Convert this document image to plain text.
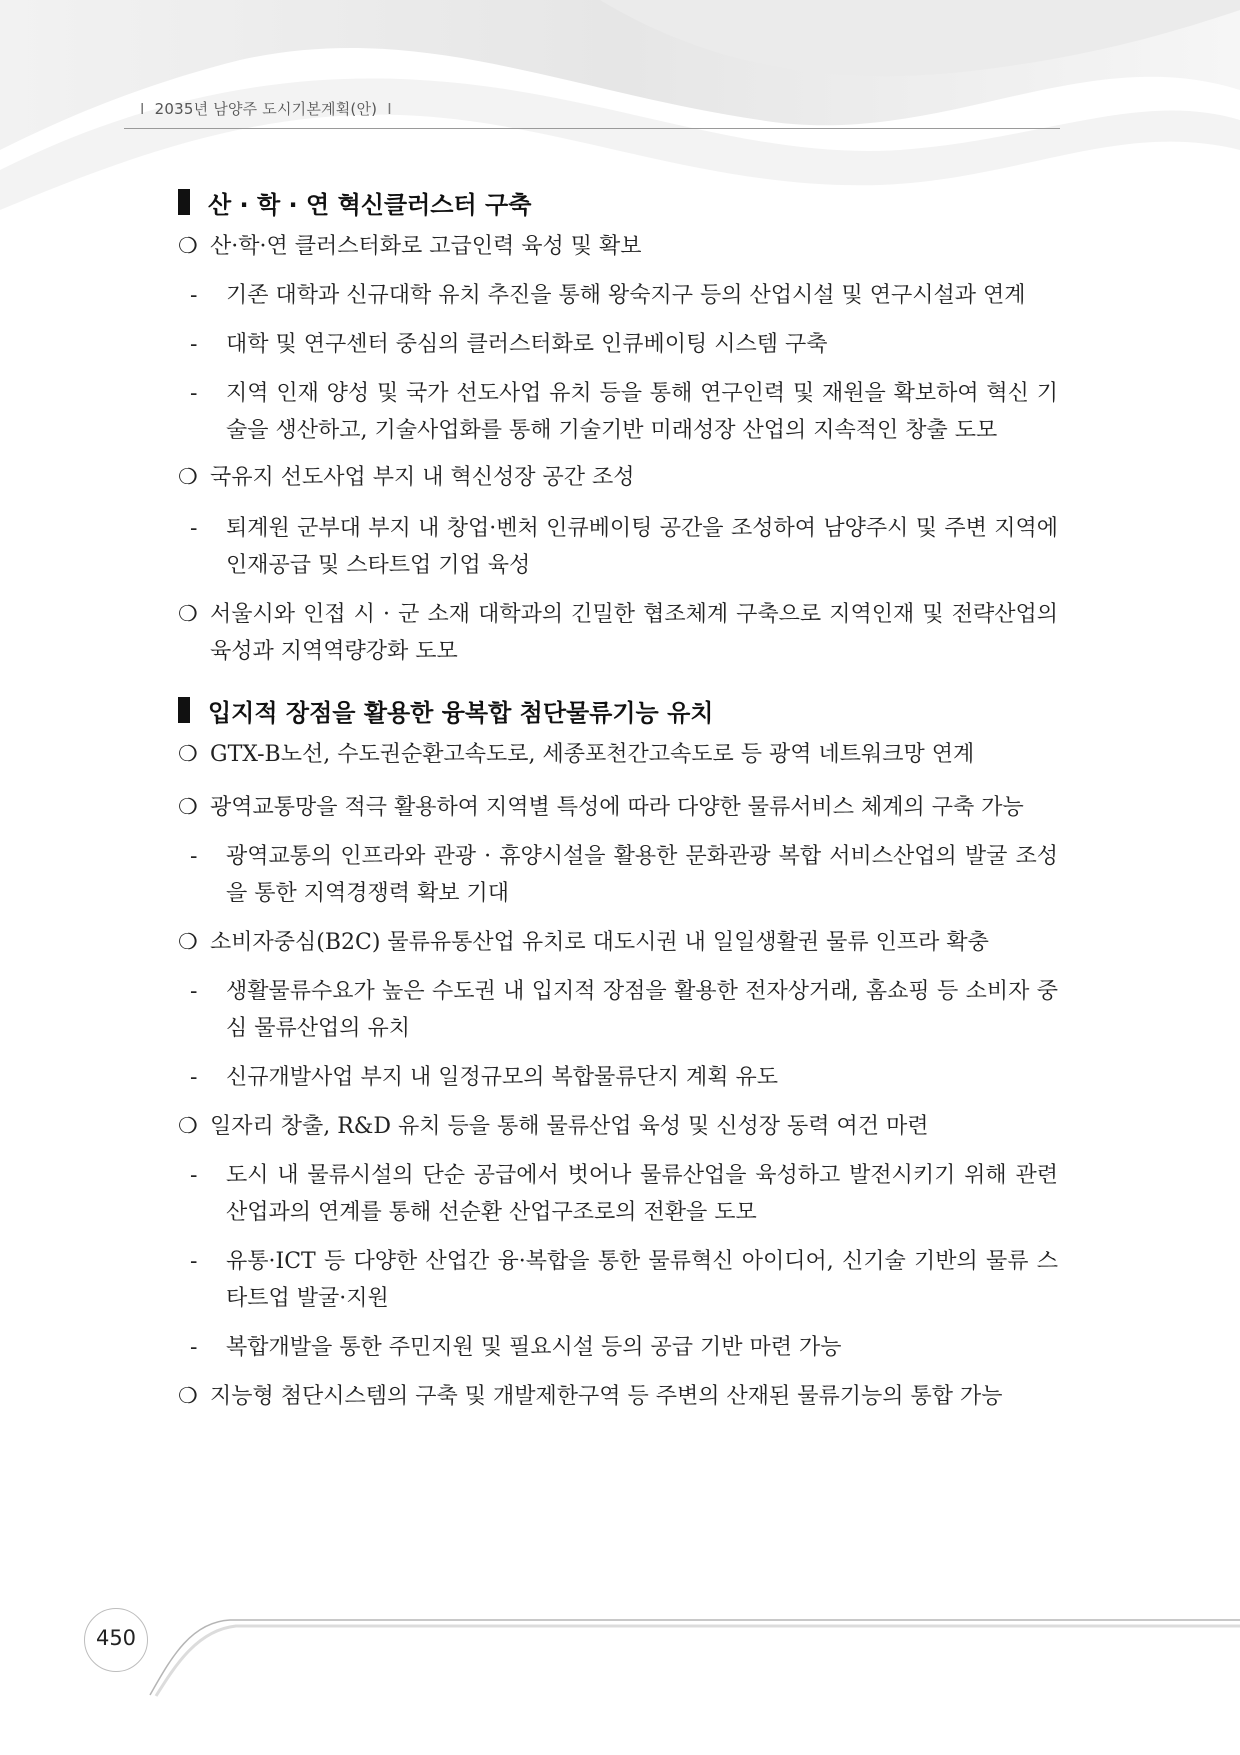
I 2035년 남양주 도시기본계획(안) I
산 · 학 · 연 혁신클러스터 구축
❍ 산·학·연 클러스터화로 고급인력 육성 및 확보
- 기존 대학과 신규대학 유치 추진을 통해 왕숙지구 등의 산업시설 및 연구시설과 연계
- 대학 및 연구센터 중심의 클러스터화로 인큐베이팅 시스템 구축
- 지역 인재 양성 및 국가 선도사업 유치 등을 통해 연구인력 및 재원을 확보하여 혁신 기술을 생산하고, 기술사업화를 통해 기술기반 미래성장 산업의 지속적인 창출 도모
❍ 국유지 선도사업 부지 내 혁신성장 공간 조성
- 퇴계원 군부대 부지 내 창업·벤처 인큐베이팅 공간을 조성하여 남양주시 및 주변 지역에 인재공급 및 스타트업 기업 육성
❍ 서울시와 인접 시 · 군 소재 대학과의 긴밀한 협조체계 구축으로 지역인재 및 전략산업의 육성과 지역역량강화 도모
입지적 장점을 활용한 융복합 첨단물류기능 유치
❍ GTX-B노선, 수도권순환고속도로, 세종포천간고속도로 등 광역 네트워크망 연계
❍ 광역교통망을 적극 활용하여 지역별 특성에 따라 다양한 물류서비스 체계의 구축 가능
- 광역교통의 인프라와 관광 · 휴양시설을 활용한 문화관광 복합 서비스산업의 발굴 조성을 통한 지역경쟁력 확보 기대
❍ 소비자중심(B2C) 물류유통산업 유치로 대도시권 내 일일생활권 물류 인프라 확충
- 생활물류수요가 높은 수도권 내 입지적 장점을 활용한 전자상거래, 홈쇼핑 등 소비자 중심 물류산업의 유치
- 신규개발사업 부지 내 일정규모의 복합물류단지 계획 유도
❍ 일자리 창출, R&D 유치 등을 통해 물류산업 육성 및 신성장 동력 여건 마련
- 도시 내 물류시설의 단순 공급에서 벗어나 물류산업을 육성하고 발전시키기 위해 관련 산업과의 연계를 통해 선순환 산업구조로의 전환을 도모
- 유통·ICT 등 다양한 산업간 융·복합을 통한 물류혁신 아이디어, 신기술 기반의 물류 스타트업 발굴·지원
- 복합개발을 통한 주민지원 및 필요시설 등의 공급 기반 마련 가능
❍ 지능형 첨단시스템의 구축 및 개발제한구역 등 주변의 산재된 물류기능의 통합 가능
450
